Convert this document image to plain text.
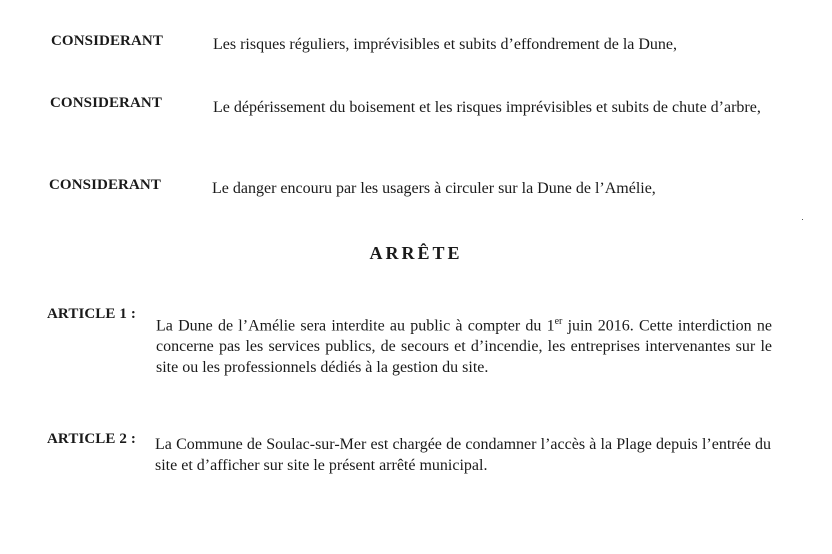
CONSIDERANT	Les risques réguliers, imprévisibles et subits d’effondrement de la Dune,
CONSIDERANT	Le dépérissement du boisement et les risques imprévisibles et subits de chute d’arbre,
CONSIDERANT	Le danger encouru par les usagers à circuler sur la Dune de l’Amélie,
ARRÊTE
ARTICLE 1 :
La Dune de l’Amélie sera interdite au public à compter du 1er juin 2016. Cette interdiction ne concerne pas les services publics, de secours et d’incendie, les entreprises intervenantes sur le site ou les professionnels dédiés à la gestion du site.
ARTICLE 2 : La Commune de Soulac-sur-Mer est chargée de condamner l’accès à la Plage depuis l’entrée du site et d’afficher sur site le présent arrêté municipal.
